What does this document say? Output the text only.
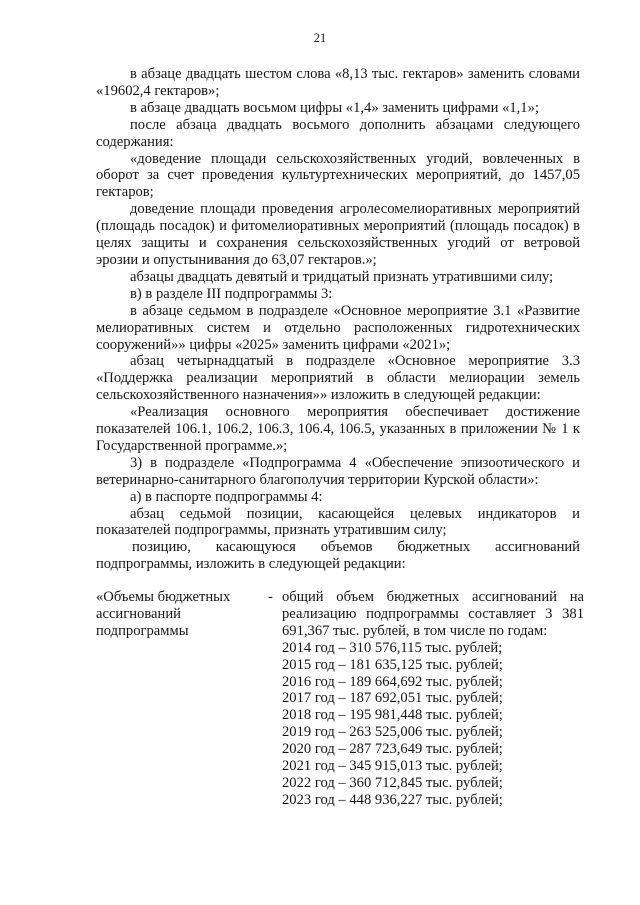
21

в абзаце двадцать шестом слова «8,13 тыс. гектаров» заменить словами «19602,4 гектаров»;

в абзаце двадцать восьмом цифры «1,4» заменить цифрами «1,1»;

после абзаца двадцать восьмого дополнить абзацами следующего содержания:

«доведение площади сельскохозяйственных угодий, вовлеченных в оборот за счет проведения культуртехнических мероприятий, до 1457,05 гектаров;

доведение площади проведения агролесомелиоративных мероприятий (площадь посадок) и фитомелиоративных мероприятий (площадь посадок) в целях защиты и сохранения сельскохозяйственных угодий от ветровой эрозии и опустынивания до 63,07 гектаров.»;

абзацы двадцать девятый и тридцатый признать утратившими силу;

в) в разделе III подпрограммы 3:

в абзаце седьмом в подразделе «Основное мероприятие 3.1 «Развитие мелиоративных систем и отдельно расположенных гидротехнических сооружений»» цифры «2025» заменить цифрами «2021»;

абзац четырнадцатый в подразделе «Основное мероприятие 3.3 «Поддержка реализации мероприятий в области мелиорации земель сельскохозяйственного назначения»» изложить в следующей редакции:

«Реализация основного мероприятия обеспечивает достижение показателей 106.1, 106.2, 106.3, 106.4, 106.5, указанных в приложении № 1 к Государственной программе.»;

3) в подразделе «Подпрограмма 4 «Обеспечение эпизоотического и ветеринарно-санитарного благополучия территории Курской области»:

а) в паспорте подпрограммы 4:

абзац седьмой позиции, касающейся целевых индикаторов и показателей подпрограммы, признать утратившим силу;

позицию, касающуюся объемов бюджетных ассигнований подпрограммы, изложить в следующей редакции:

«Объемы бюджетных ассигнований подпрограммы
- общий объем бюджетных ассигнований на реализацию подпрограммы составляет 3 381 691,367 тыс. рублей, в том числе по годам:
2014 год – 310 576,115 тыс. рублей;
2015 год – 181 635,125 тыс. рублей;
2016 год – 189 664,692 тыс. рублей;
2017 год – 187 692,051 тыс. рублей;
2018 год – 195 981,448 тыс. рублей;
2019 год – 263 525,006 тыс. рублей;
2020 год – 287 723,649 тыс. рублей;
2021 год – 345 915,013 тыс. рублей;
2022 год – 360 712,845 тыс. рублей;
2023 год – 448 936,227 тыс. рублей;
